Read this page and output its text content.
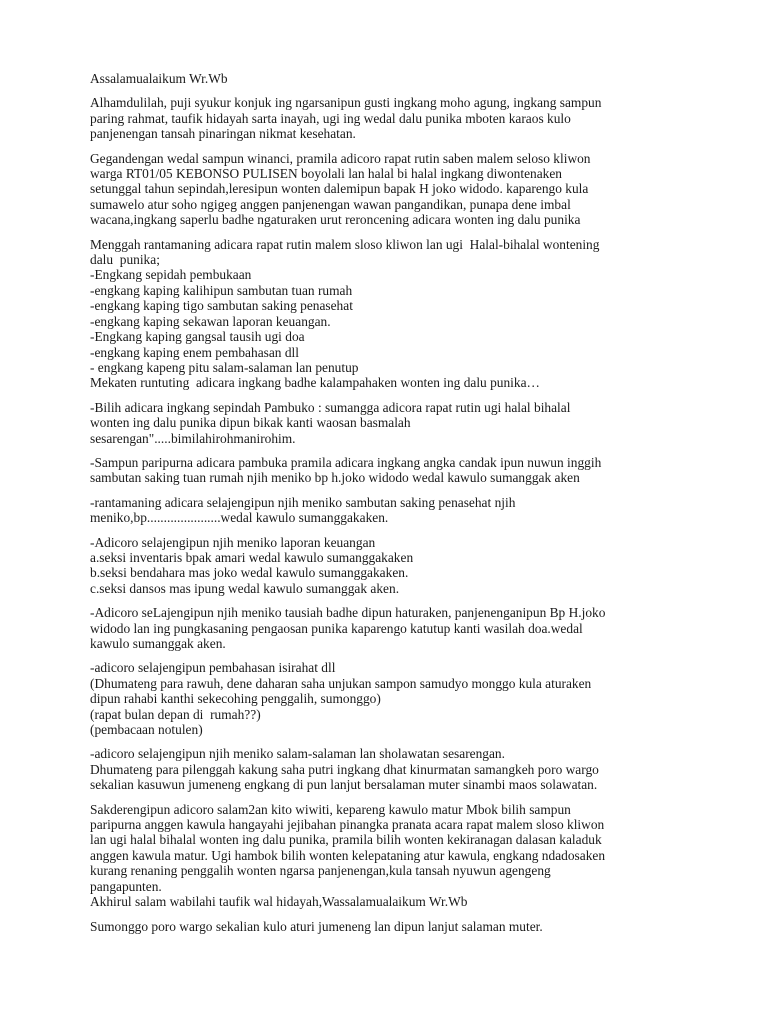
Assalamualaikum Wr.Wb
Alhamdulilah, puji syukur konjuk ing ngarsanipun gusti ingkang moho agung, ingkang sampun
paring rahmat, taufik hidayah sarta inayah, ugi ing wedal dalu punika mboten karaos kulo
panjenengan tansah pinaringan nikmat kesehatan.
Gegandengan wedal sampun winanci, pramila adicoro rapat rutin saben malem seloso kliwon
warga RT01/05 KEBONSO PULISEN boyolali lan halal bi halal ingkang diwontenaken
setunggal tahun sepindah,leresipun wonten dalemipun bapak H joko widodo. kaparengo kula
sumawelo atur soho ngigeg anggen panjenengan wawan pangandikan, punapa dene imbal
wacana,ingkang saperlu badhe ngaturaken urut reroncening adicara wonten ing dalu punika
Menggah rantamaning adicara rapat rutin malem sloso kliwon lan ugi  Halal-bihalal wontening
dalu  punika;
-Engkang sepidah pembukaan
-engkang kaping kalihipun sambutan tuan rumah
-engkang kaping tigo sambutan saking penasehat
-engkang kaping sekawan laporan keuangan.
-Engkang kaping gangsal tausih ugi doa
-engkang kaping enem pembahasan dll
- engkang kapeng pitu salam-salaman lan penutup
Mekaten runtuting  adicara ingkang badhe kalampahaken wonten ing dalu punika…
-Bilih adicara ingkang sepindah Pambuko : sumangga adicora rapat rutin ugi halal bihalal
wonten ing dalu punika dipun bikak kanti waosan basmalah
sesarengan".....bimilahirohmanirohim.
-Sampun paripurna adicara pambuka pramila adicara ingkang angka candak ipun nuwun inggih
sambutan saking tuan rumah njih meniko bp h.joko widodo wedal kawulo sumanggak aken
-rantamaning adicara selajengipun njih meniko sambutan saking penasehat njih
meniko,bp......................wedal kawulo sumanggakaken.
-Adicoro selajengipun njih meniko laporan keuangan
a.seksi inventaris bpak amari wedal kawulo sumanggakaken
b.seksi bendahara mas joko wedal kawulo sumanggakaken.
c.seksi dansos mas ipung wedal kawulo sumanggak aken.
-Adicoro seLajengipun njih meniko tausiah badhe dipun haturaken, panjenenganipun Bp H.joko
widodo lan ing pungkasaning pengaosan punika kaparengo katutup kanti wasilah doa.wedal
kawulo sumanggak aken.
-adicoro selajengipun pembahasan isirahat dll
(Dhumateng para rawuh, dene daharan saha unjukan sampon samudyo monggo kula aturaken
dipun rahabi kanthi sekecohing penggalih, sumonggo)
(rapat bulan depan di  rumah??)
(pembacaan notulen)
-adicoro selajengipun njih meniko salam-salaman lan sholawatan sesarengan.
Dhumateng para pilenggah kakung saha putri ingkang dhat kinurmatan samangkeh poro wargo
sekalian kasuwun jumeneng engkang di pun lanjut bersalaman muter sinambi maos solawatan.
Sakderengipun adicoro salam2an kito wiwiti, kepareng kawulo matur Mbok bilih sampun
paripurna anggen kawula hangayahi jejibahan pinangka pranata acara rapat malem sloso kliwon
lan ugi halal bihalal wonten ing dalu punika, pramila bilih wonten kekiranagan dalasan kaladuk
anggen kawula matur. Ugi hambok bilih wonten kelepataning atur kawula, engkang ndadosaken
kurang renaning penggalih wonten ngarsa panjenengan,kula tansah nyuwun agengeng
pangapunten.
Akhirul salam wabilahi taufik wal hidayah,Wassalamualaikum Wr.Wb
Sumonggo poro wargo sekalian kulo aturi jumeneng lan dipun lanjut salaman muter.
